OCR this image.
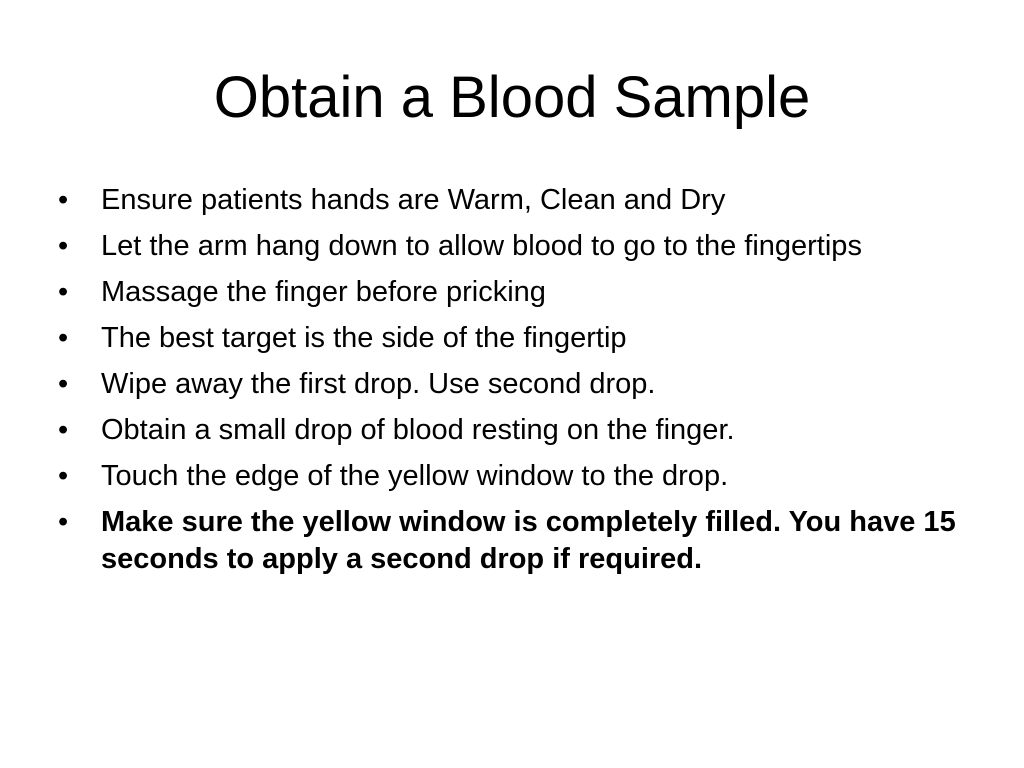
Obtain a Blood Sample
•	Ensure patients hands are Warm, Clean and Dry
•	Let the arm hang down to allow blood to go to the fingertips
•	Massage the finger before pricking
•	The best target is the side of the fingertip
•	Wipe away the first drop. Use second drop.
•	Obtain a small drop of blood resting on the finger.
•	Touch the edge of the yellow window to the drop.
•	Make sure the yellow window is completely filled. You have 15 seconds to apply a second drop if required.
